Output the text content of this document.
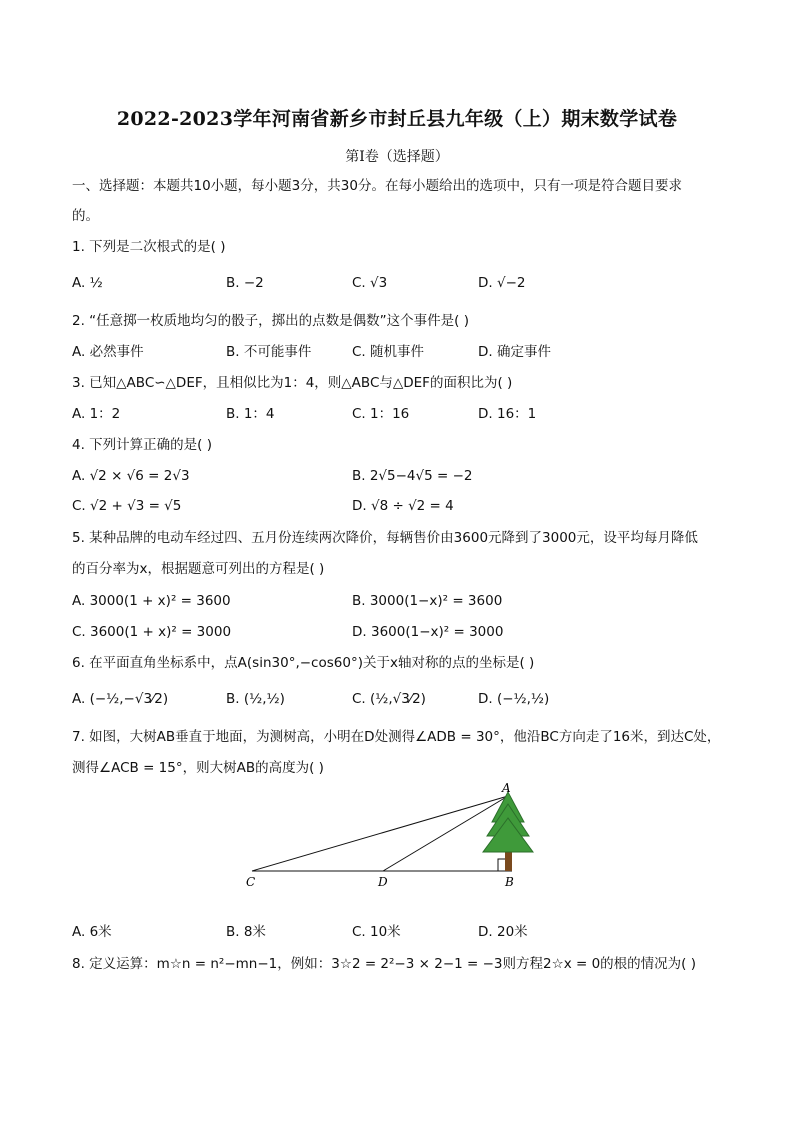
2022-2023学年河南省新乡市封丘县九年级（上）期末数学试卷
第Ⅰ卷（选择题）
一、选择题：本题共10小题，每小题3分，共30分。在每小题给出的选项中，只有一项是符合题目要求
的。
1. 下列是二次根式的是( )
A. ½	B. −2	C. √3	D. √−2
2. “任意掷一枚质地均匀的骰子，掷出的点数是偶数”这个事件是( )
A. 必然事件	B. 不可能事件	C. 随机事件	D. 确定事件
3. 已知△ABC∽△DEF，且相似比为1：4，则△ABC与△DEF的面积比为( )
A. 1：2	B. 1：4	C. 1：16	D. 16：1
4. 下列计算正确的是( )
A. √2 × √6 = 2√3	B. 2√5−4√5 = −2
C. √2 + √3 = √5	D. √8 ÷ √2 = 4
5. 某种品牌的电动车经过四、五月份连续两次降价，每辆售价由3600元降到了3000元，设平均每月降低
的百分率为x，根据题意可列出的方程是( )
A. 3000(1 + x)² = 3600	B. 3000(1−x)² = 3600
C. 3600(1 + x)² = 3000	D. 3600(1−x)² = 3000
6. 在平面直角坐标系中，点A(sin30°,−cos60°)关于x轴对称的点的坐标是( )
A. (−½,−√3⁄2)	B. (½,½)	C. (½,√3⁄2)	D. (−½,½)
7. 如图，大树AB垂直于地面，为测树高，小明在D处测得∠ADB = 30°，他沿BC方向走了16米，到达C处，
测得∠ACB = 15°，则大树AB的高度为( )
A
B
C	D
A. 6米	B. 8米	C. 10米	D. 20米
8. 定义运算：m☆n = n²−mn−1，例如：3☆2 = 2²−3 × 2−1 = −3则方程2☆x = 0的根的情况为( )
